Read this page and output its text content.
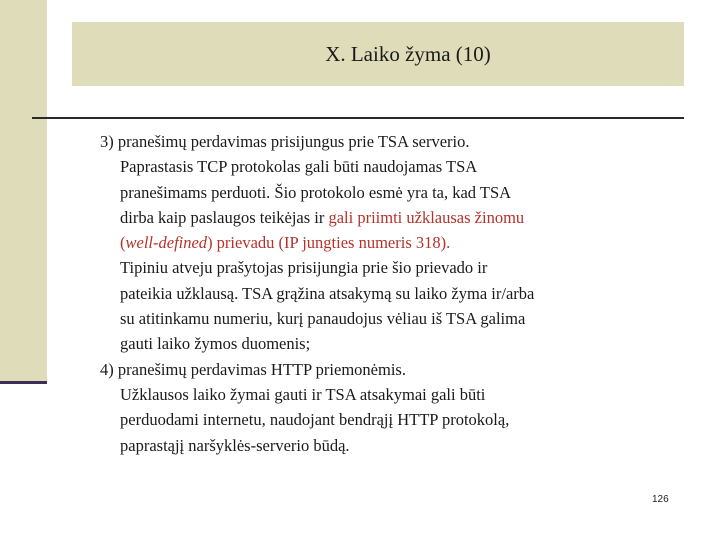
X. Laiko žyma (10)
3) pranešimų perdavimas prisijungus prie TSA serverio.
Paprastasis TCP protokolas gali būti naudojamas TSA
pranešimams perduoti. Šio protokolo esmė yra ta, kad TSA
dirba kaip paslaugos teikėjas ir gali priimti užklausas žinomu
(well-defined) prievadu (IP jungties numeris 318).
Tipiniu atveju prašytojas prisijungia prie šio prievado ir
pateikia užklausą. TSA grąžina atsakymą su laiko žyma ir/arba
su atitinkamu numeriu, kurį panaudojus vėliau iš TSA galima
gauti laiko žymos duomenis;
4) pranešimų perdavimas HTTP priemonėmis.
Užklausos laiko žymai gauti ir TSA atsakymai gali būti
perduodami internetu, naudojant bendrąjį HTTP protokolą,
paprastąjį naršyklės-serverio būdą.
126
